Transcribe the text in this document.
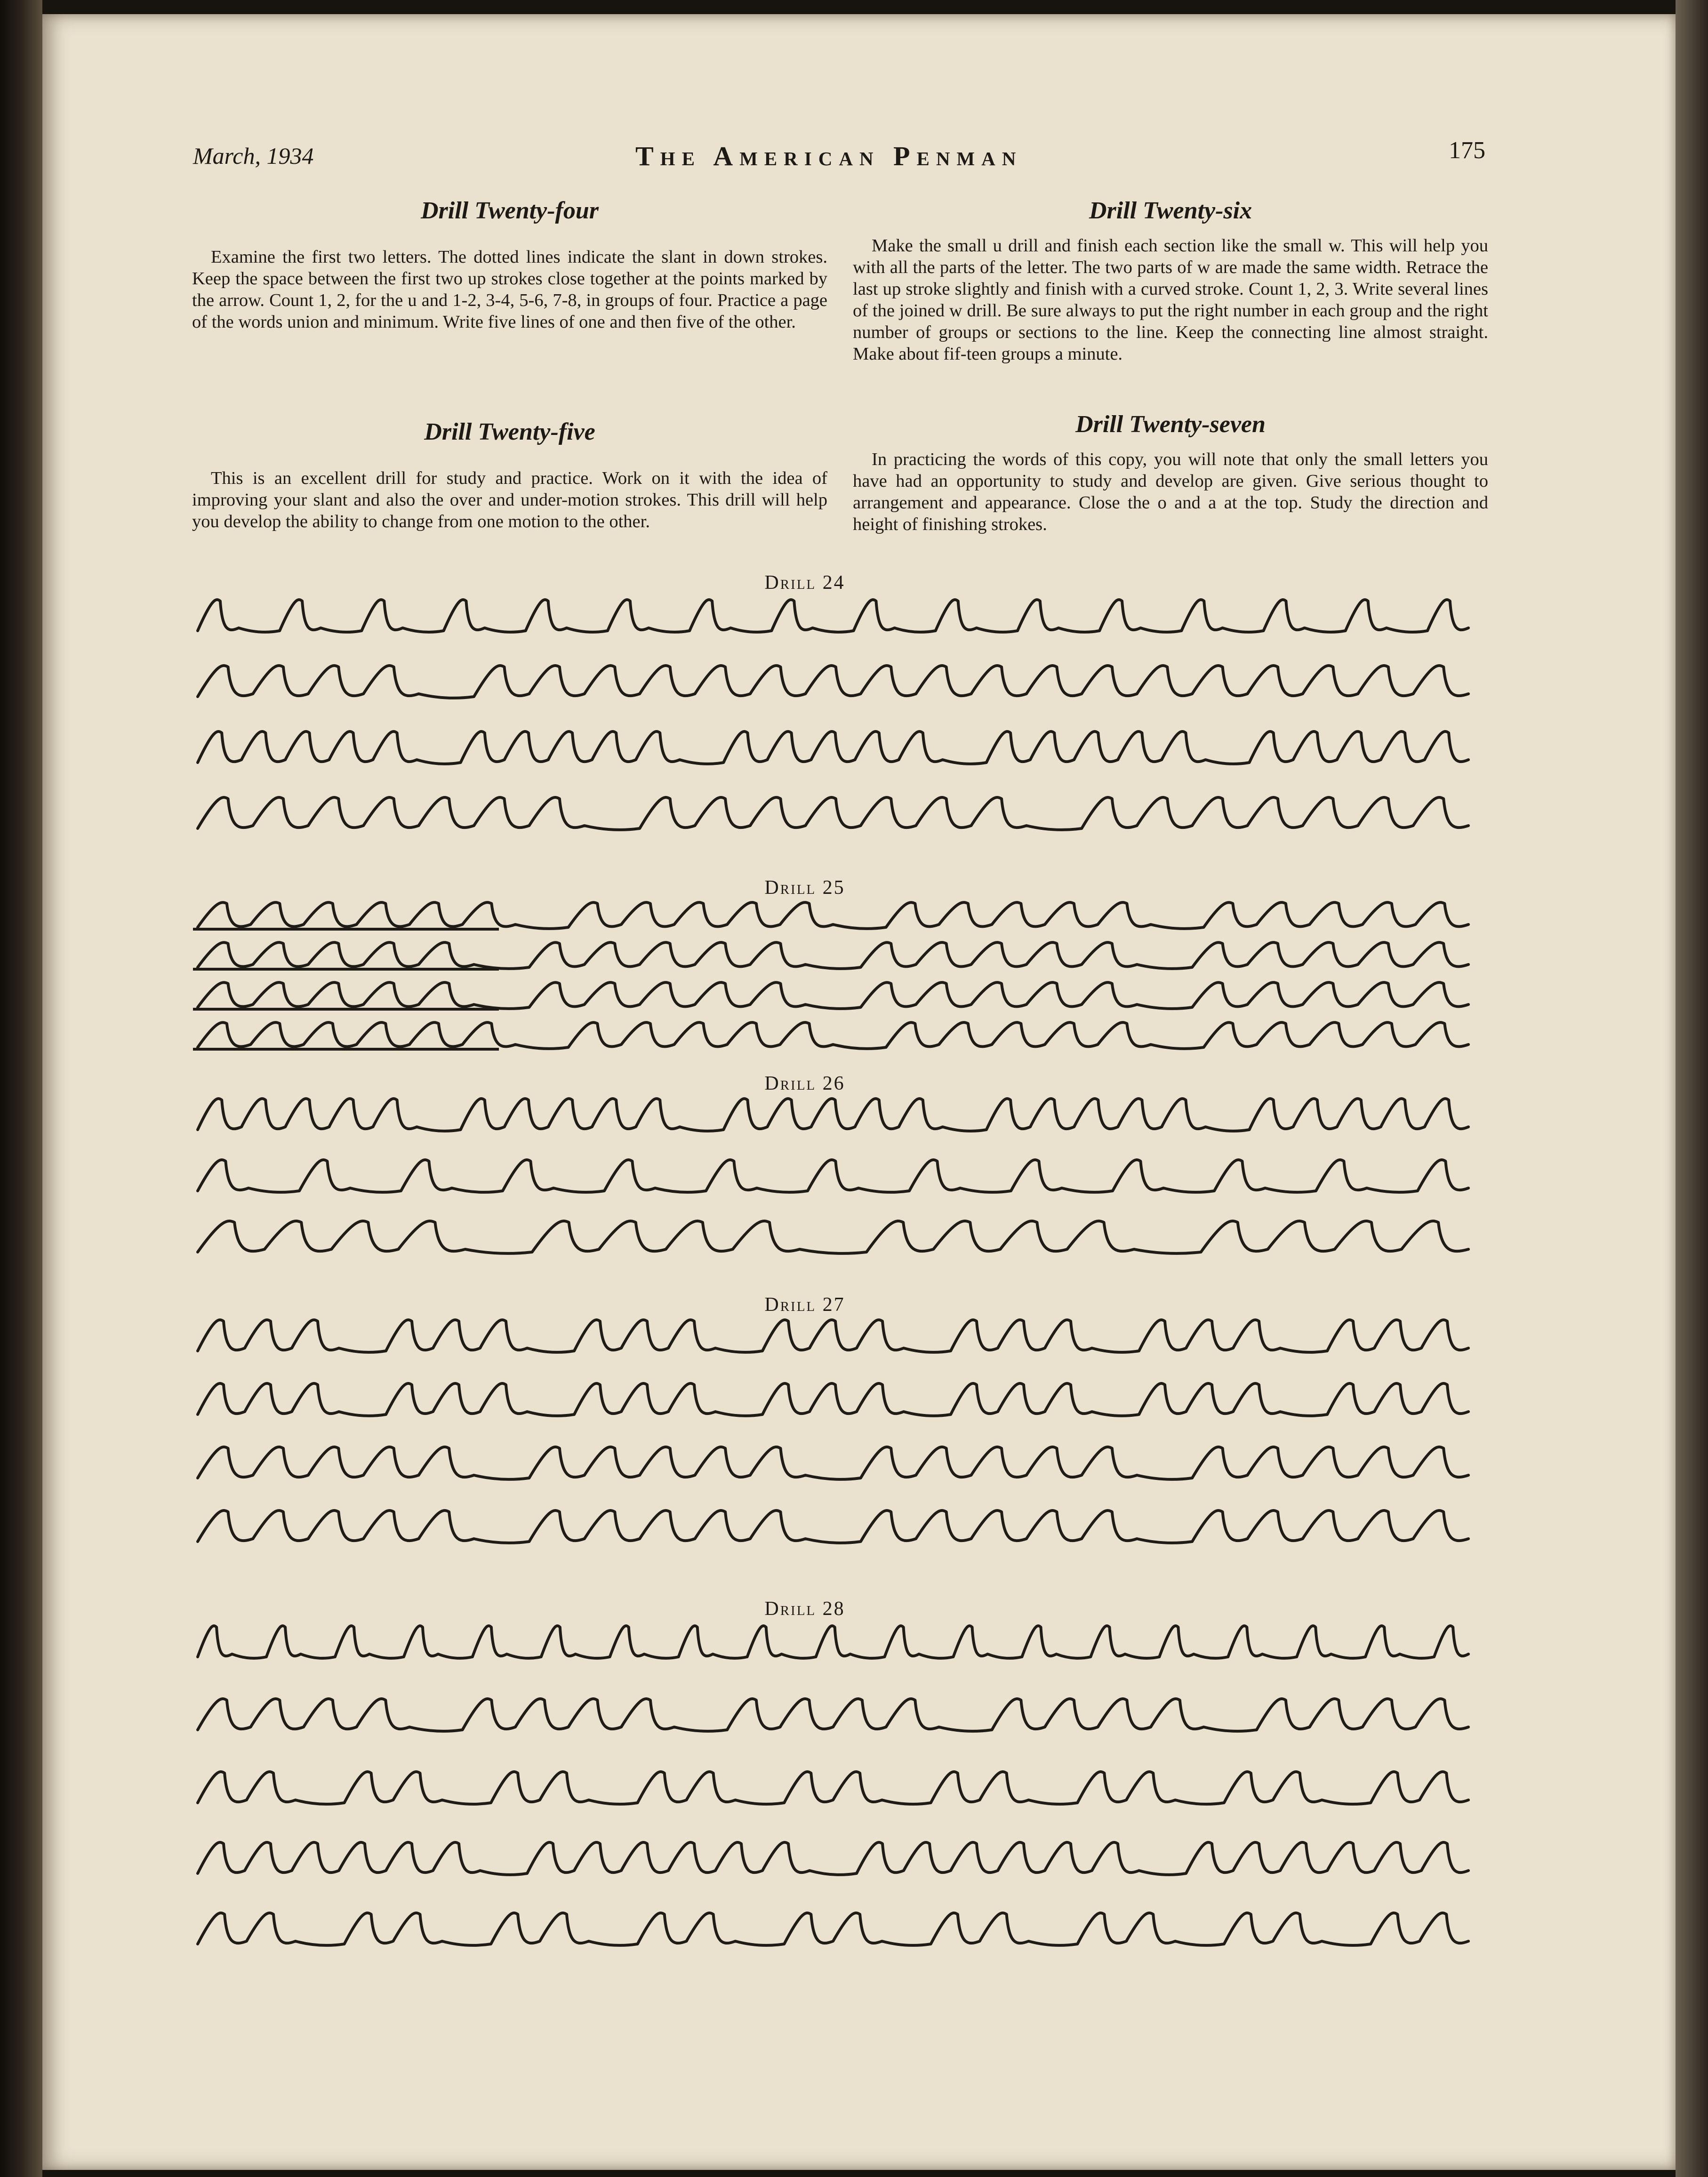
March, 1934	The American Penman	175
Drill Twenty-four

Examine the first two letters. The dotted lines indicate the slant in down strokes. Keep the space between the first two up strokes close together at the points marked by the arrow. Count 1, 2, for the u and 1-2, 3-4, 5-6, 7-8, in groups of four. Practice a page of the words union and minimum. Write five lines of one and then five of the other.

Drill Twenty-five

This is an excellent drill for study and practice. Work on it with the idea of improving your slant and also the over and under-motion strokes. This drill will help you develop the ability to change from one motion to the other.

Drill Twenty-six

Make the small u drill and finish each section like the small w. This will help you with all the parts of the letter. The two parts of w are made the same width. Retrace the last up stroke slightly and finish with a curved stroke. Count 1, 2, 3. Write several lines of the joined w drill. Be sure always to put the right number in each group and the right number of groups or sections to the line. Keep the connecting line almost straight. Make about fif-teen groups a minute.

Drill Twenty-seven

In practicing the words of this copy, you will note that only the small letters you have had an opportunity to study and develop are given. Give serious thought to arrangement and appearance. Close the o and a at the top. Study the direction and height of finishing strokes.

Drill 24
Drill 25
Drill 26
Drill 27
Drill 28
